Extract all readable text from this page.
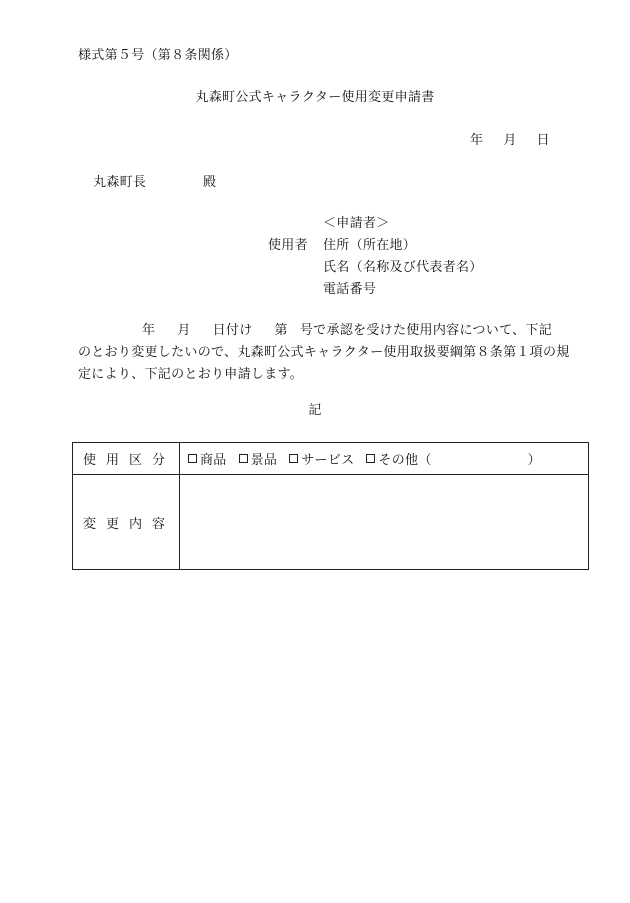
様式第５号（第８条関係）
丸森町公式キャラクター使用変更申請書
年 月 日
丸森町長	殿
＜申請者＞
使用者 住所（所在地）
氏名（名称及び代表者名）
電話番号
年 月 日付け 第 号で承認を受けた使用内容について、下記
のとおり変更したいので、丸森町公式キャラクター使用取扱要綱第８条第１項の規
定により、下記のとおり申請します。
記
使用区分	商品 景品 サービス その他（	）
変更内容
